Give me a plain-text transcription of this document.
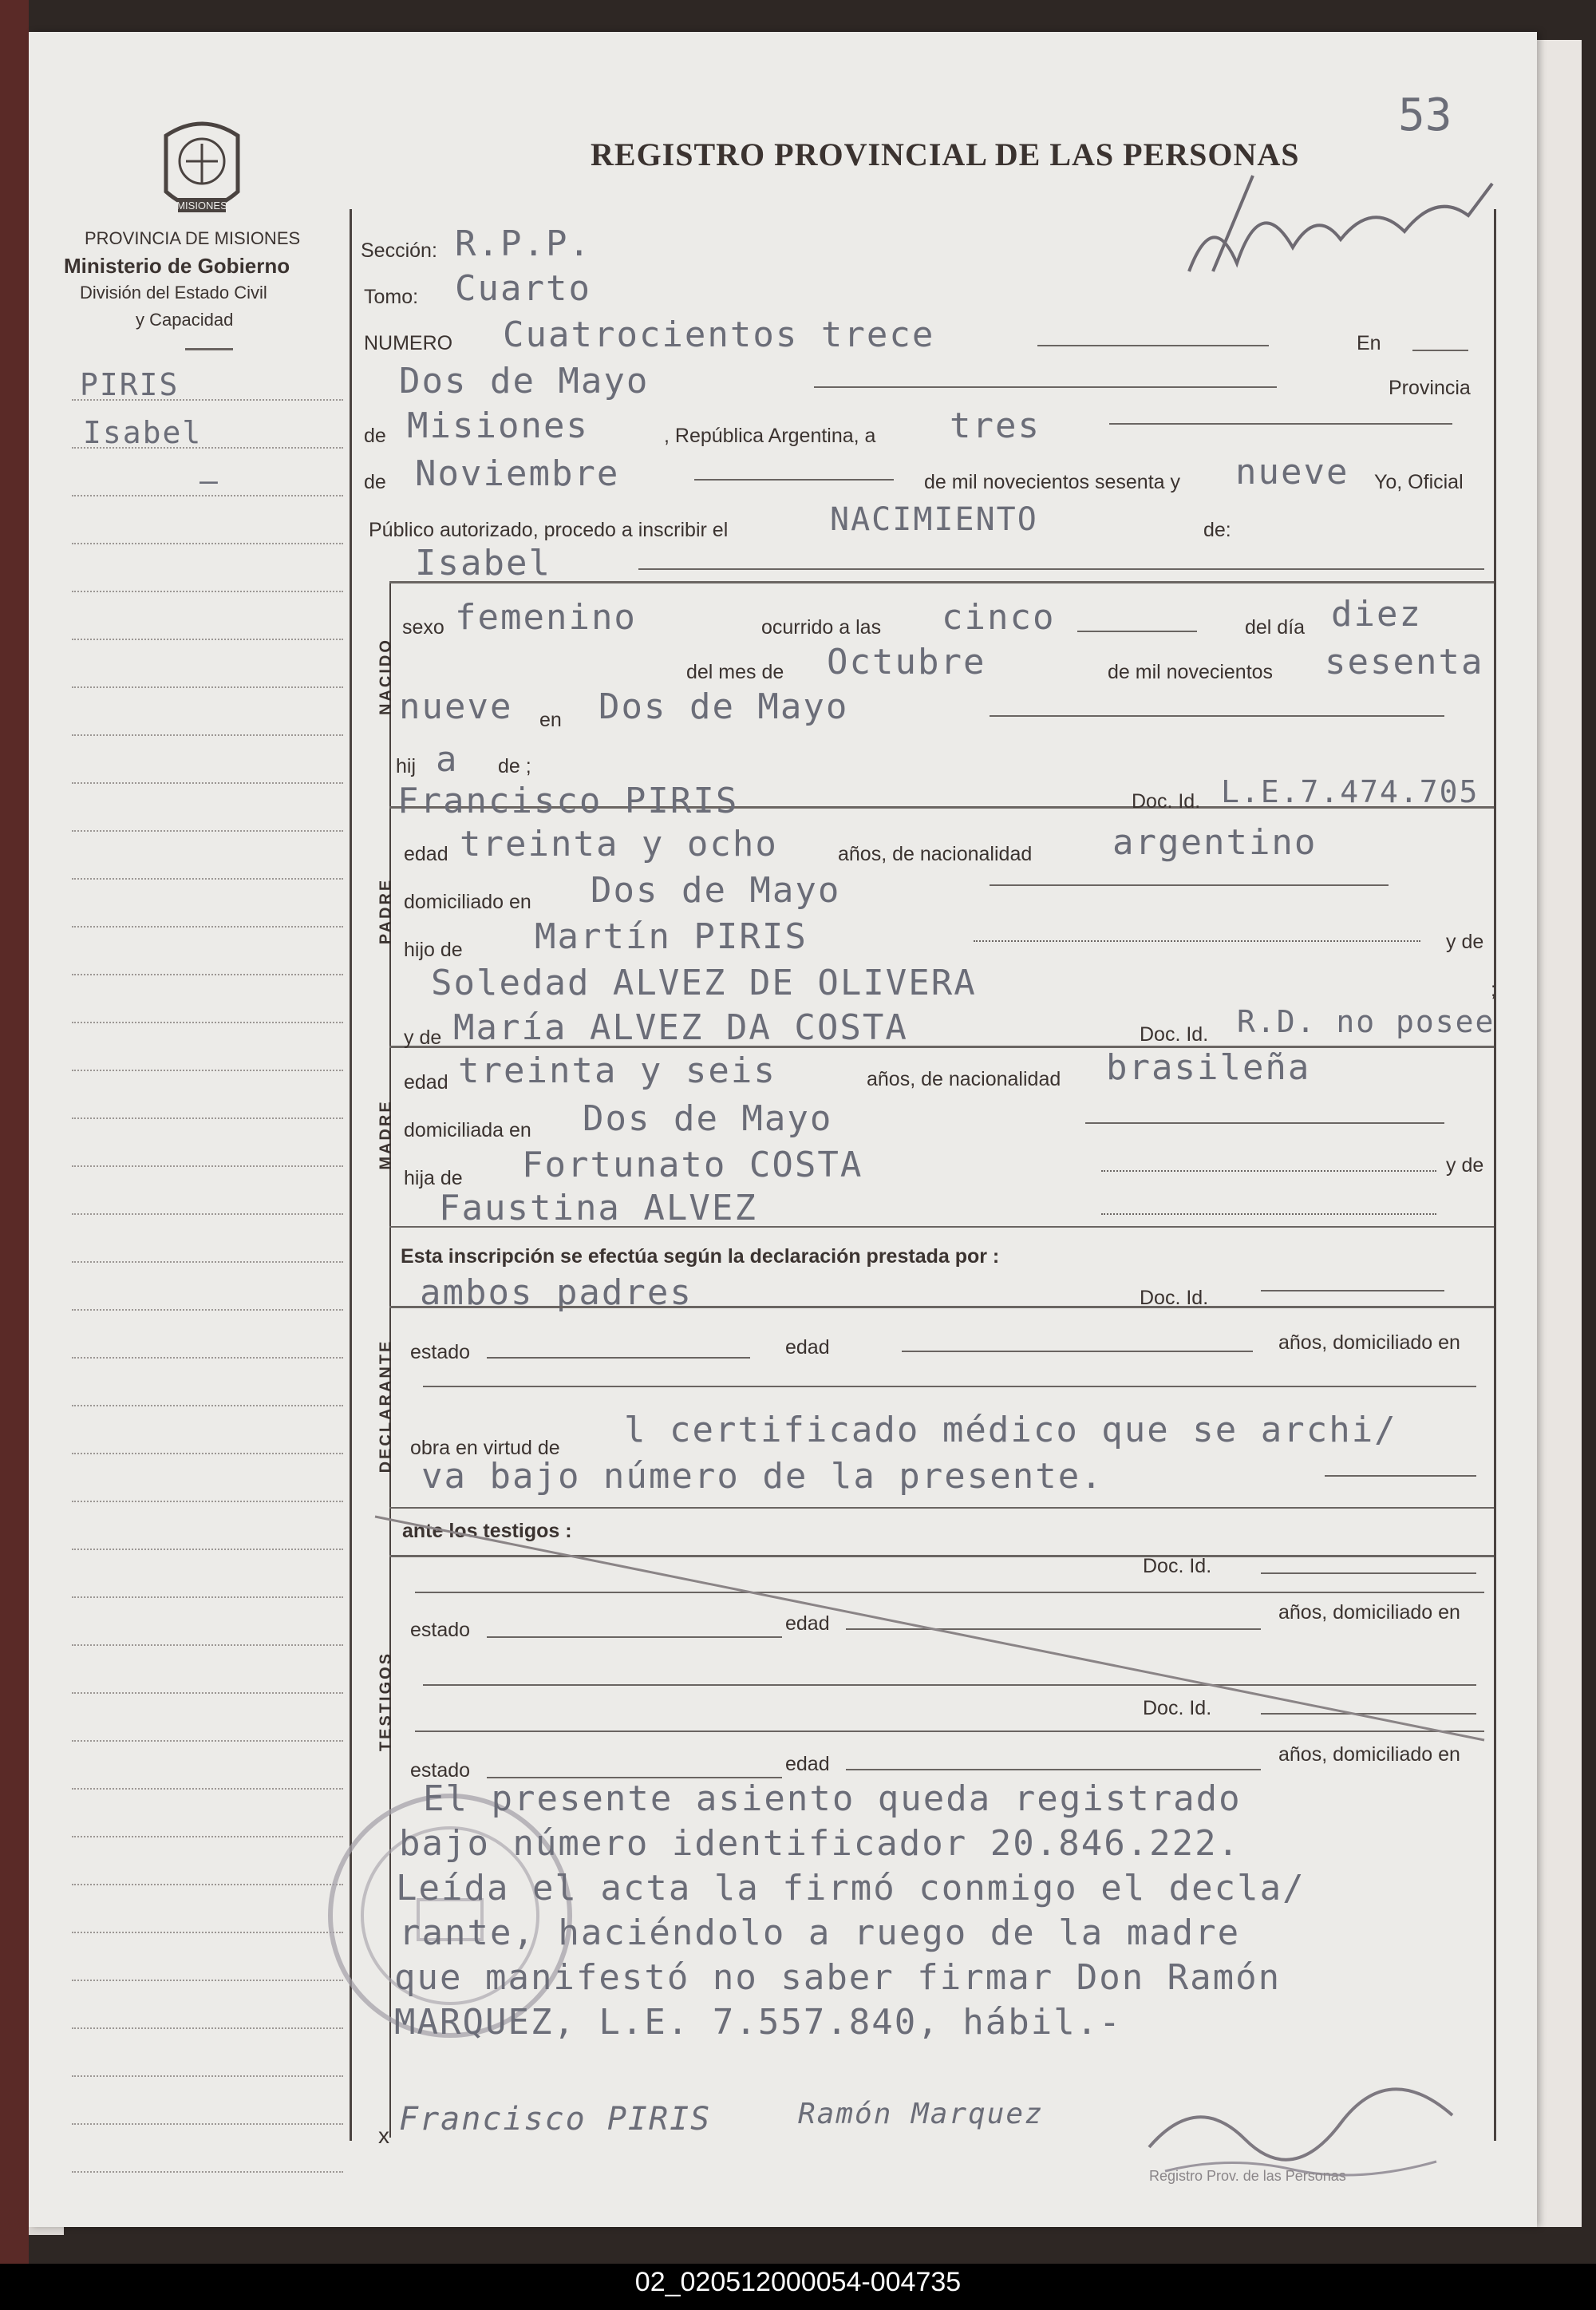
53
MISIONES
PROVINCIA DE MISIONES
Ministerio de Gobierno
División del Estado Civil
y Capacidad
REGISTRO PROVINCIAL DE LAS PERSONAS
PIRIS
Isabel
—
Sección: R.P.P.
Tomo: Cuarto
NUMERO Cuatrocientos trece	En
Dos de Mayo	Provincia
de Misiones	, República Argentina, a tres
de Noviembre	de mil novecientos sesenta y nueve Yo, Oficial
Público autorizado, procedo a inscribir el	NACIMIENTO	de:
NACIDO
Isabel
sexo femenino	ocurrido a las cinco	del día diez
del mes de Octubre	de mil novecientos sesenta
nueve en Dos de Mayo
hij a de ;
PADRE
Francisco PIRIS	Doc. Id. L.E.7.474.705
edad treinta y ocho	años, de nacionalidad argentino
domiciliado en Dos de Mayo
hijo de Martín PIRIS	y de
Soledad ALVEZ DE OLIVERA	;
MADRE
y de María ALVEZ DA COSTA	Doc. Id. R.D. no posee
edad treinta y seis	años, de nacionalidad brasileña
domiciliada en Dos de Mayo
hija de Fortunato COSTA	y de
Faustina ALVEZ
Esta inscripción se efectúa según la declaración prestada por :
ambos padres	Doc. Id.
DECLARANTE estado	edad	años, domiciliado en
obra en virtud de l certificado médico que se archi/
va bajo número de la presente.
ante los testigos :
TESTIGOS
Doc. Id.
estado	edad	años, domiciliado en
Doc. Id.
estado	edad	años, domiciliado en
El presente asiento queda registrado
bajo número identificador 20.846.222.
Leída el acta la firmó conmigo el decla/
rante, haciéndolo a ruego de la madre
que manifestó no saber firmar Don Ramón
MARQUEZ, L.E. 7.557.840, hábil.-
x Francisco PIRIS	Ramón Marquez
Registro Prov. de las Personas
02_020512000054-004735
